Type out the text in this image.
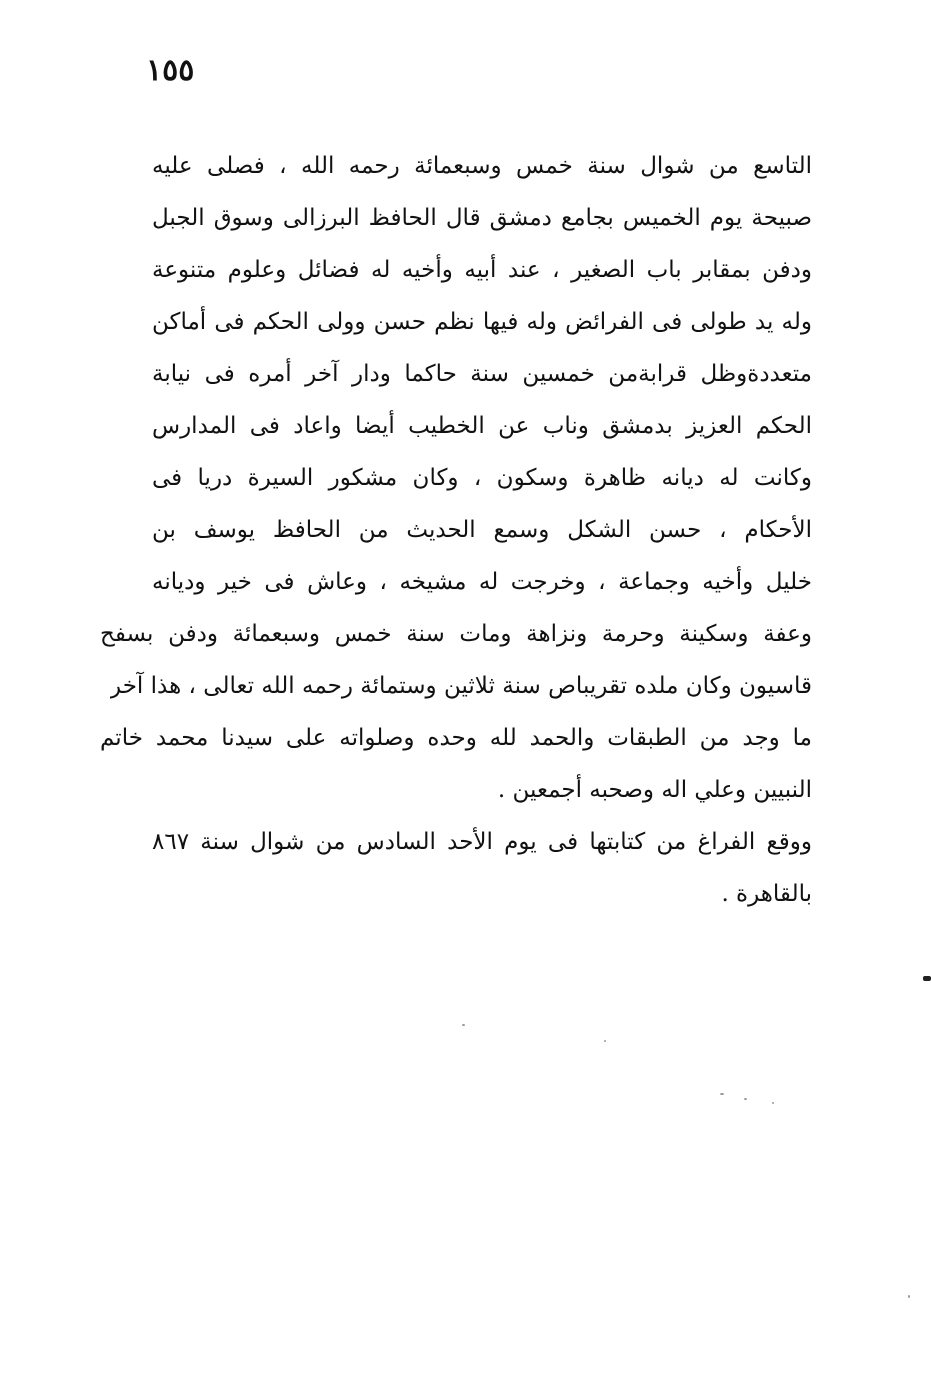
١٥٥
التاسع من شوال سنة خمس وسبعمائة رحمه الله ، فصلى عليه
صبيحة يوم الخميس بجامع دمشق قال الحافظ البرزالى وسوق الجبل
ودفن بمقابر باب الصغير ، عند أبيه وأخيه له فضائل وعلوم متنوعة
وله يد طولى فى الفرائض وله فيها نظم حسن وولى الحكم فى أماكن
متعددةوظل قرابةمن خمسين سنة حاكما ودار آخر أمره فى نيابة
الحكم العزيز بدمشق وناب عن الخطيب أيضا واعاد فى المدارس
وكانت له ديانه ظاهرة وسكون ، وكان مشكور السيرة دريا فى
الأحكام ، حسن الشكل وسمع الحديث من الحافظ يوسف بن
خليل وأخيه وجماعة ، وخرجت له مشيخه ، وعاش فى خير وديانه
وعفة وسكينة وحرمة ونزاهة ومات سنة خمس وسبعمائة ودفن بسفح
قاسيون وكان ملده تقريباص سنة ثلاثين وستمائة رحمه الله تعالى ، هذا آخر
ما وجد من الطبقات والحمد لله وحده وصلواته على سيدنا محمد خاتم
النبيين وعلي اله وصحبه أجمعين .
ووقع الفراغ من كتابتها فى يوم الأحد السادس من شوال سنة ٨٦٧
بالقاهرة .
